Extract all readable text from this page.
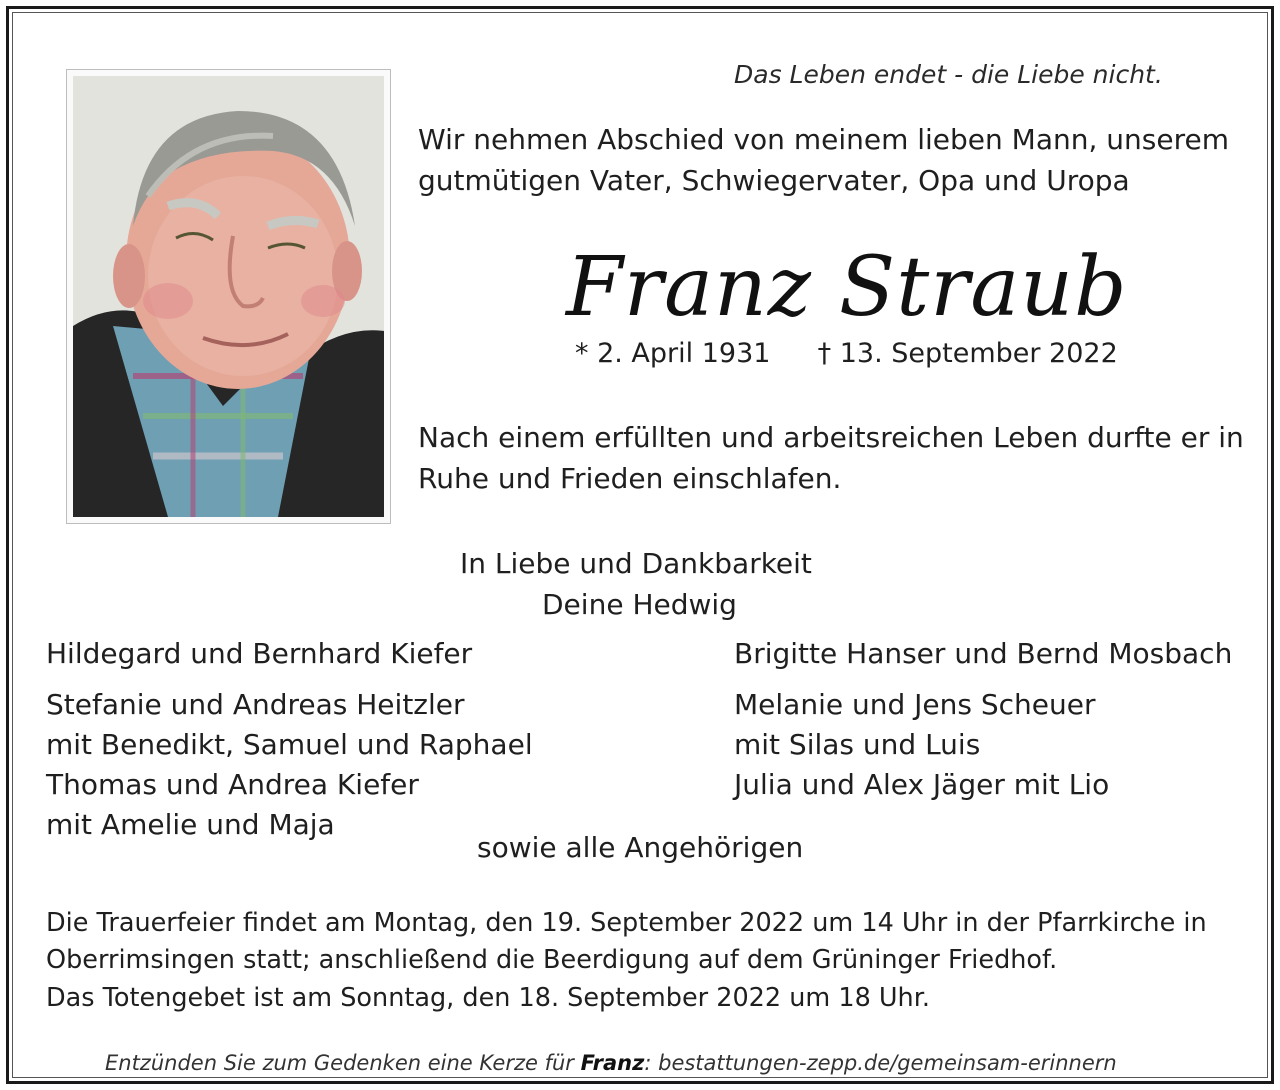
Das Leben endet - die Liebe nicht.
Wir nehmen Abschied von meinem lieben Mann, unserem
gutmütigen Vater, Schwiegervater, Opa und Uropa
Franz Straub
* 2. April 1931 † 13. September 2022
Nach einem erfüllten und arbeitsreichen Leben durfte er in
Ruhe und Frieden einschlafen.
In Liebe und Dankbarkeit
Deine Hedwig
Hildegard und Bernhard Kiefer
Stefanie und Andreas Heitzler
mit Benedikt, Samuel und Raphael
Thomas und Andrea Kiefer
mit Amelie und Maja
Brigitte Hanser und Bernd Mosbach
Melanie und Jens Scheuer
mit Silas und Luis
Julia und Alex Jäger mit Lio
sowie alle Angehörigen
Die Trauerfeier findet am Montag, den 19. September 2022 um 14 Uhr in der Pfarrkirche in
Oberrimsingen statt; anschließend die Beerdigung auf dem Grüninger Friedhof.
Das Totengebet ist am Sonntag, den 18. September 2022 um 18 Uhr.
Entzünden Sie zum Gedenken eine Kerze für Franz: bestattungen-zepp.de/gemeinsam-erinnern
